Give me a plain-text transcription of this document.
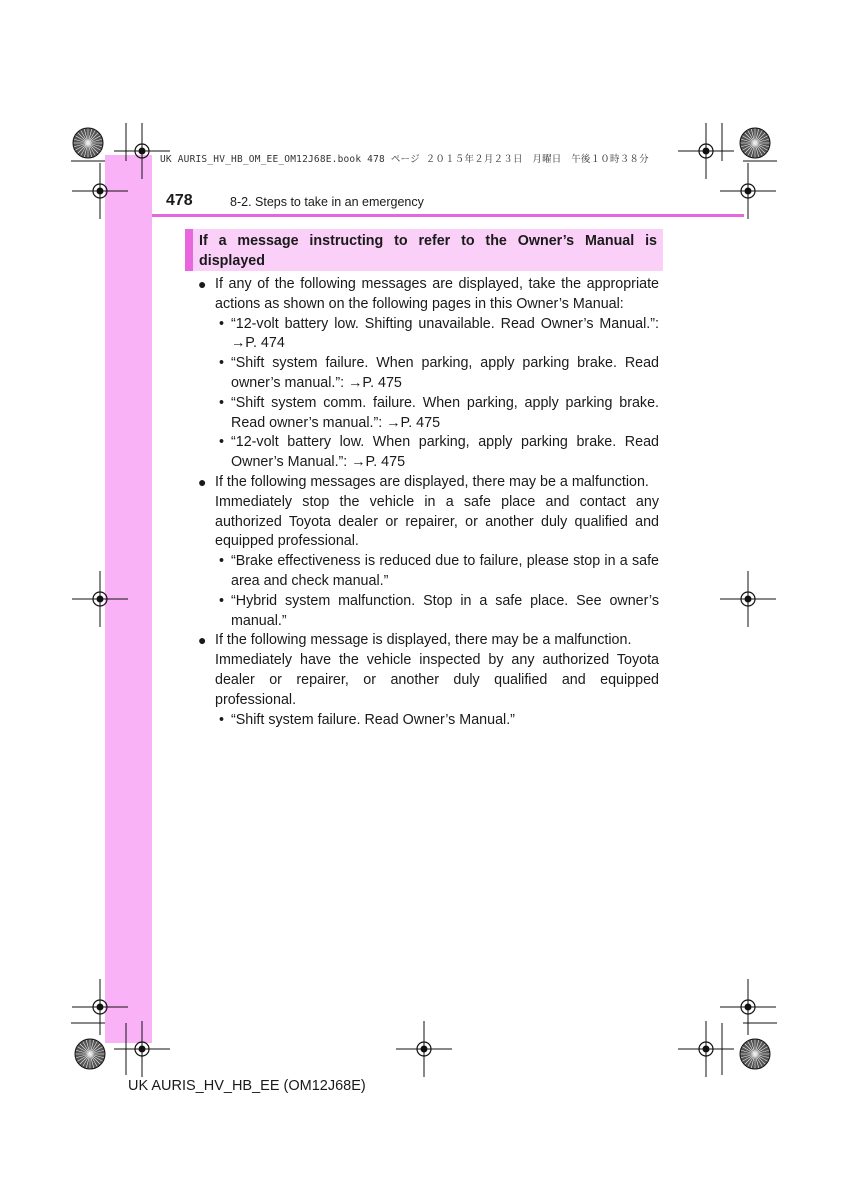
UK AURIS_HV_HB_OM_EE_OM12J68E.book 478 ページ ２０１５年２月２３日　月曜日　午後１０時３８分
478	8-2. Steps to take in an emergency
If a message instructing to refer to the Owner’s Manual is displayed
● If any of the following messages are displayed, take the appropriate actions as shown on the following pages in this Owner’s Manual:
• “12-volt battery low. Shifting unavailable. Read Owner’s Manual.”: →P. 474
• “Shift system failure. When parking, apply parking brake. Read owner’s manual.”: →P. 475
• “Shift system comm. failure. When parking, apply parking brake. Read owner’s manual.”: →P. 475
• “12-volt battery low. When parking, apply parking brake. Read Owner’s Manual.”: →P. 475
● If the following messages are displayed, there may be a malfunction.
Immediately stop the vehicle in a safe place and contact any authorized Toyota dealer or repairer, or another duly qualified and equipped professional.
• “Brake effectiveness is reduced due to failure, please stop in a safe area and check manual.”
• “Hybrid system malfunction. Stop in a safe place. See owner’s manual.”
● If the following message is displayed, there may be a malfunction.
Immediately have the vehicle inspected by any authorized Toyota dealer or repairer, or another duly qualified and equipped professional.
• “Shift system failure. Read Owner’s Manual.”
UK AURIS_HV_HB_EE (OM12J68E)
